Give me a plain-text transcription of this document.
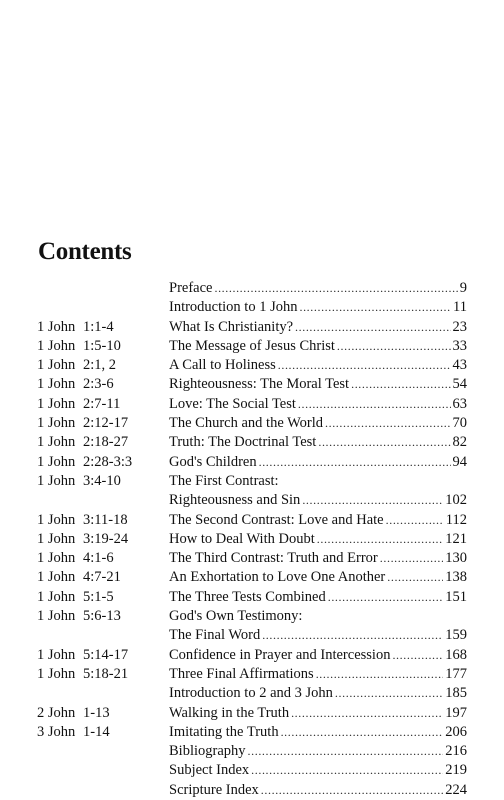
Contents
Preface . . .	9
Introduction to 1 John . . .	11
1 John 1:1-4	What Is Christianity? . . .	23
1 John 1:5-10	The Message of Jesus Christ . . .	33
1 John 2:1, 2	A Call to Holiness . . .	43
1 John 2:3-6	Righteousness: The Moral Test . . .	54
1 John 2:7-11	Love: The Social Test . . .	63
1 John 2:12-17	The Church and the World . . .	70
1 John 2:18-27	Truth: The Doctrinal Test . . .	82
1 John 2:28-3:3	God's Children . . .	94
1 John 3:4-10	The First Contrast:
Righteousness and Sin . . .	102
1 John 3:11-18	The Second Contrast: Love and Hate . . .	112
1 John 3:19-24	How to Deal With Doubt . . .	121
1 John 4:1-6	The Third Contrast: Truth and Error . . .	130
1 John 4:7-21	An Exhortation to Love One Another . . .	138
1 John 5:1-5	The Three Tests Combined . . .	151
1 John 5:6-13	God's Own Testimony:
The Final Word . . .	159
1 John 5:14-17	Confidence in Prayer and Intercession . . .	168
1 John 5:18-21	Three Final Affirmations . . .	177
Introduction to 2 and 3 John . . .	185
2 John 1-13	Walking in the Truth . . .	197
3 John 1-14	Imitating the Truth . . .	206
Bibliography . . .	216
Subject Index . . .	219
Scripture Index . . .	224
